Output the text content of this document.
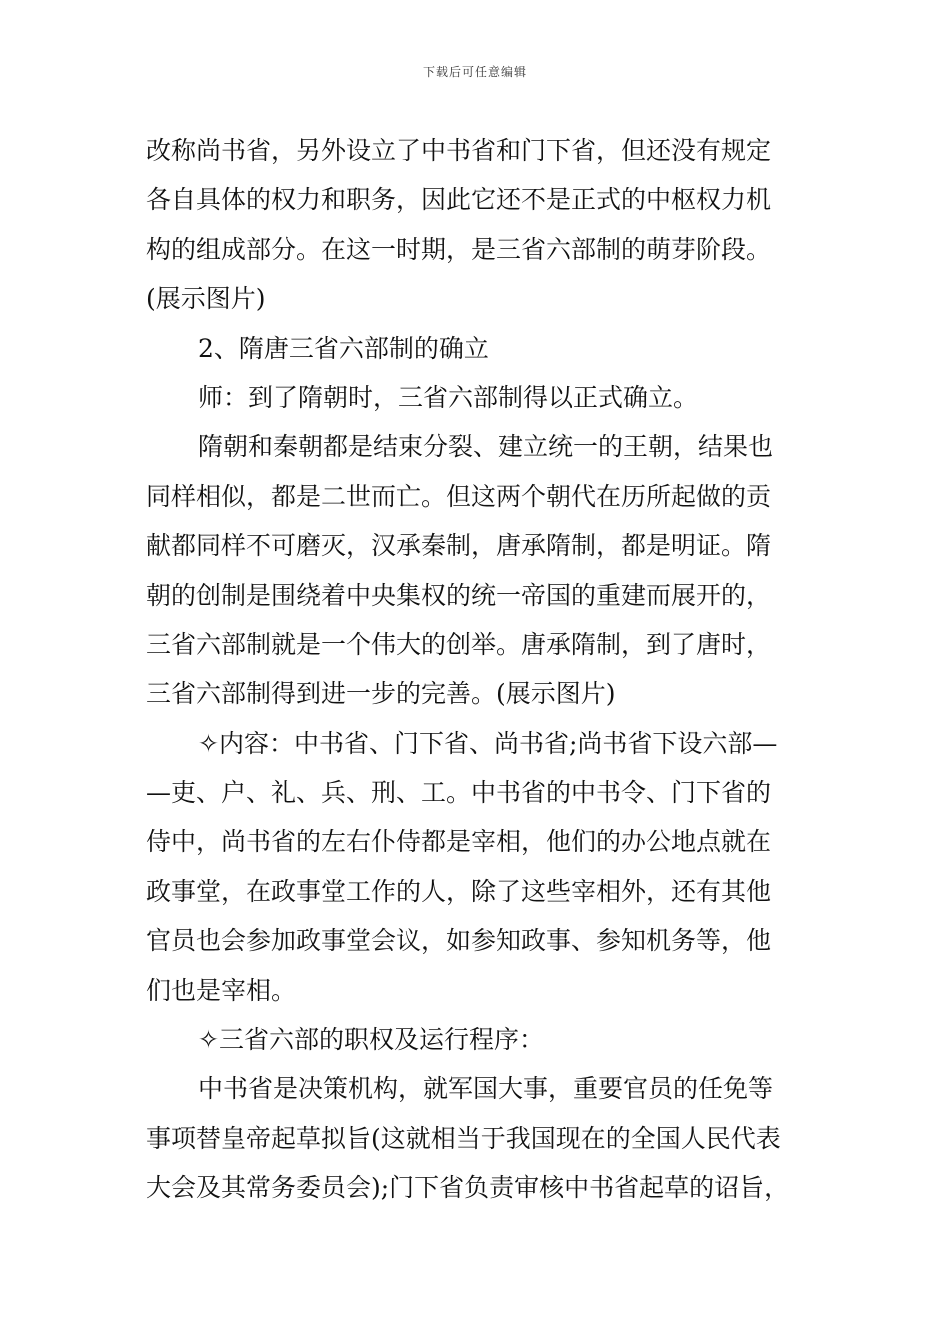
下载后可任意编辑
改称尚书省，另外设立了中书省和门下省，但还没有规定
各自具体的权力和职务，因此它还不是正式的中枢权力机
构的组成部分。在这一时期，是三省六部制的萌芽阶段。
(展示图片)
2、隋唐三省六部制的确立
师：到了隋朝时，三省六部制得以正式确立。
隋朝和秦朝都是结束分裂、建立统一的王朝，结果也
同样相似，都是二世而亡。但这两个朝代在历所起做的贡
献都同样不可磨灭，汉承秦制，唐承隋制，都是明证。隋
朝的创制是围绕着中央集权的统一帝国的重建而展开的，
三省六部制就是一个伟大的创举。唐承隋制，到了唐时，
三省六部制得到进一步的完善。(展示图片)
✧内容：中书省、门下省、尚书省;尚书省下设六部—
—吏、户、礼、兵、刑、工。中书省的中书令、门下省的
侍中，尚书省的左右仆侍都是宰相，他们的办公地点就在
政事堂，在政事堂工作的人，除了这些宰相外，还有其他
官员也会参加政事堂会议，如参知政事、参知机务等，他
们也是宰相。
✧三省六部的职权及运行程序：
中书省是决策机构，就军国大事，重要官员的任免等
事项替皇帝起草拟旨(这就相当于我国现在的全国人民代表
大会及其常务委员会);门下省负责审核中书省起草的诏旨，
